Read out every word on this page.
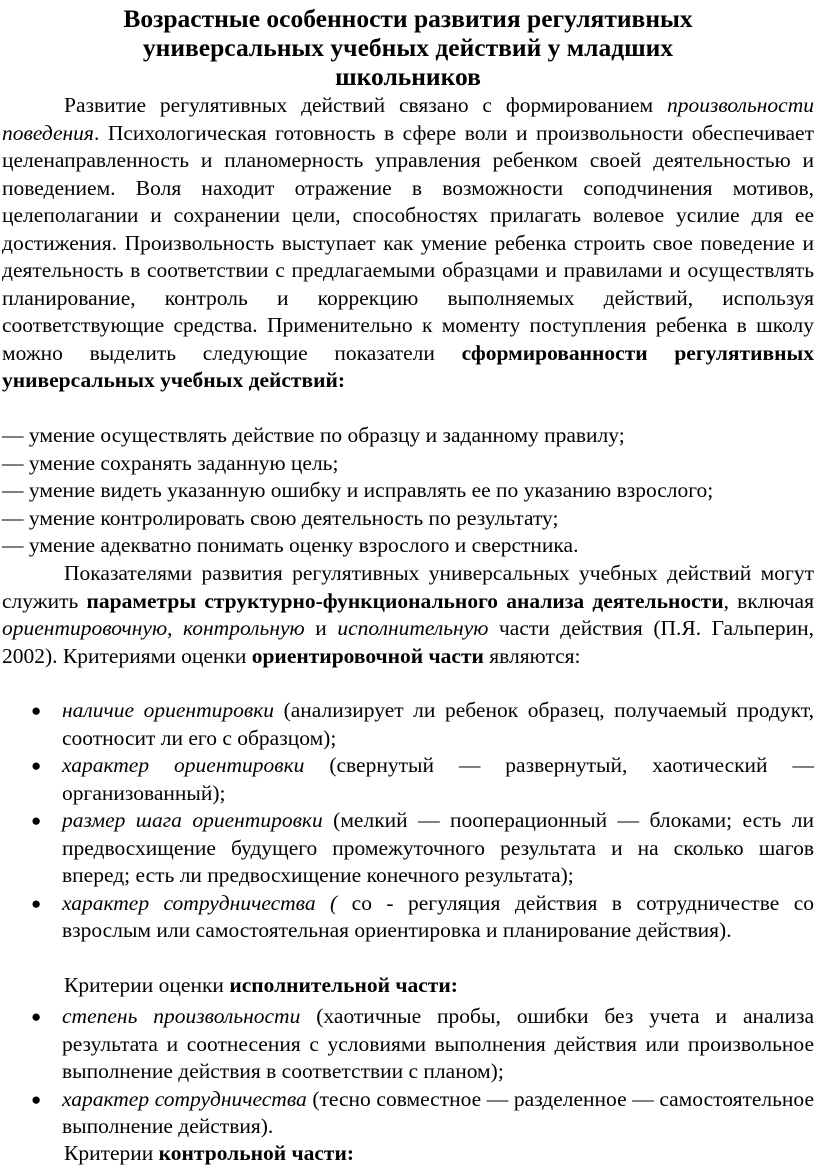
Возрастные особенности развития регулятивных универсальных учебных действий у младших школьников

Развитие регулятивных действий связано с формированием произвольности поведения. Психологическая готовность в сфере воли и произвольности обеспечивает целенаправленность и планомерность управления ребенком своей деятельностью и поведением. Воля находит отражение в возможности соподчинения мотивов, целеполагании и сохранении цели, способностях прилагать волевое усилие для ее достижения. Произвольность выступает как умение ребенка строить свое поведение и деятельность в соответствии с предлагаемыми образцами и правилами и осуществлять планирование, контроль и коррекцию выполняемых действий, используя соответствующие средства. Применительно к моменту поступления ребенка в школу можно выделить следующие показатели сформированности регулятивных универсальных учебных действий:

— умение осуществлять действие по образцу и заданному правилу;

— умение сохранять заданную цель;

— умение видеть указанную ошибку и исправлять ее по указанию взрослого;

— умение контролировать свою деятельность по результату;

— умение адекватно понимать оценку взрослого и сверстника.

Показателями развития регулятивных универсальных учебных действий могут служить параметры структурно-функционального анализа деятельности, включая ориентировочную, контрольную и исполнительную части действия (П.Я. Гальперин, 2002). Критериями оценки ориентировочной части являются:

● наличие ориентировки (анализирует ли ребенок образец, получаемый продукт, соотносит ли его с образцом);
● характер ориентировки (свернутый — развернутый, хаотический — организованный);
● размер шага ориентировки (мелкий — пооперационный — блоками; есть ли предвосхищение будущего промежуточного результата и на сколько шагов вперед; есть ли предвосхищение конечного результата);
● характер сотрудничества ( со - регуляция действия в сотрудничестве со взрослым или самостоятельная ориентировка и планирование действия).

Критерии оценки исполнительной части:

● степень произвольности (хаотичные пробы, ошибки без учета и анализа результата и соотнесения с условиями выполнения действия или произвольное выполнение действия в соответствии с планом);
● характер сотрудничества (тесно совместное — разделенное — самостоятельное выполнение действия).

Критерии контрольной части:
